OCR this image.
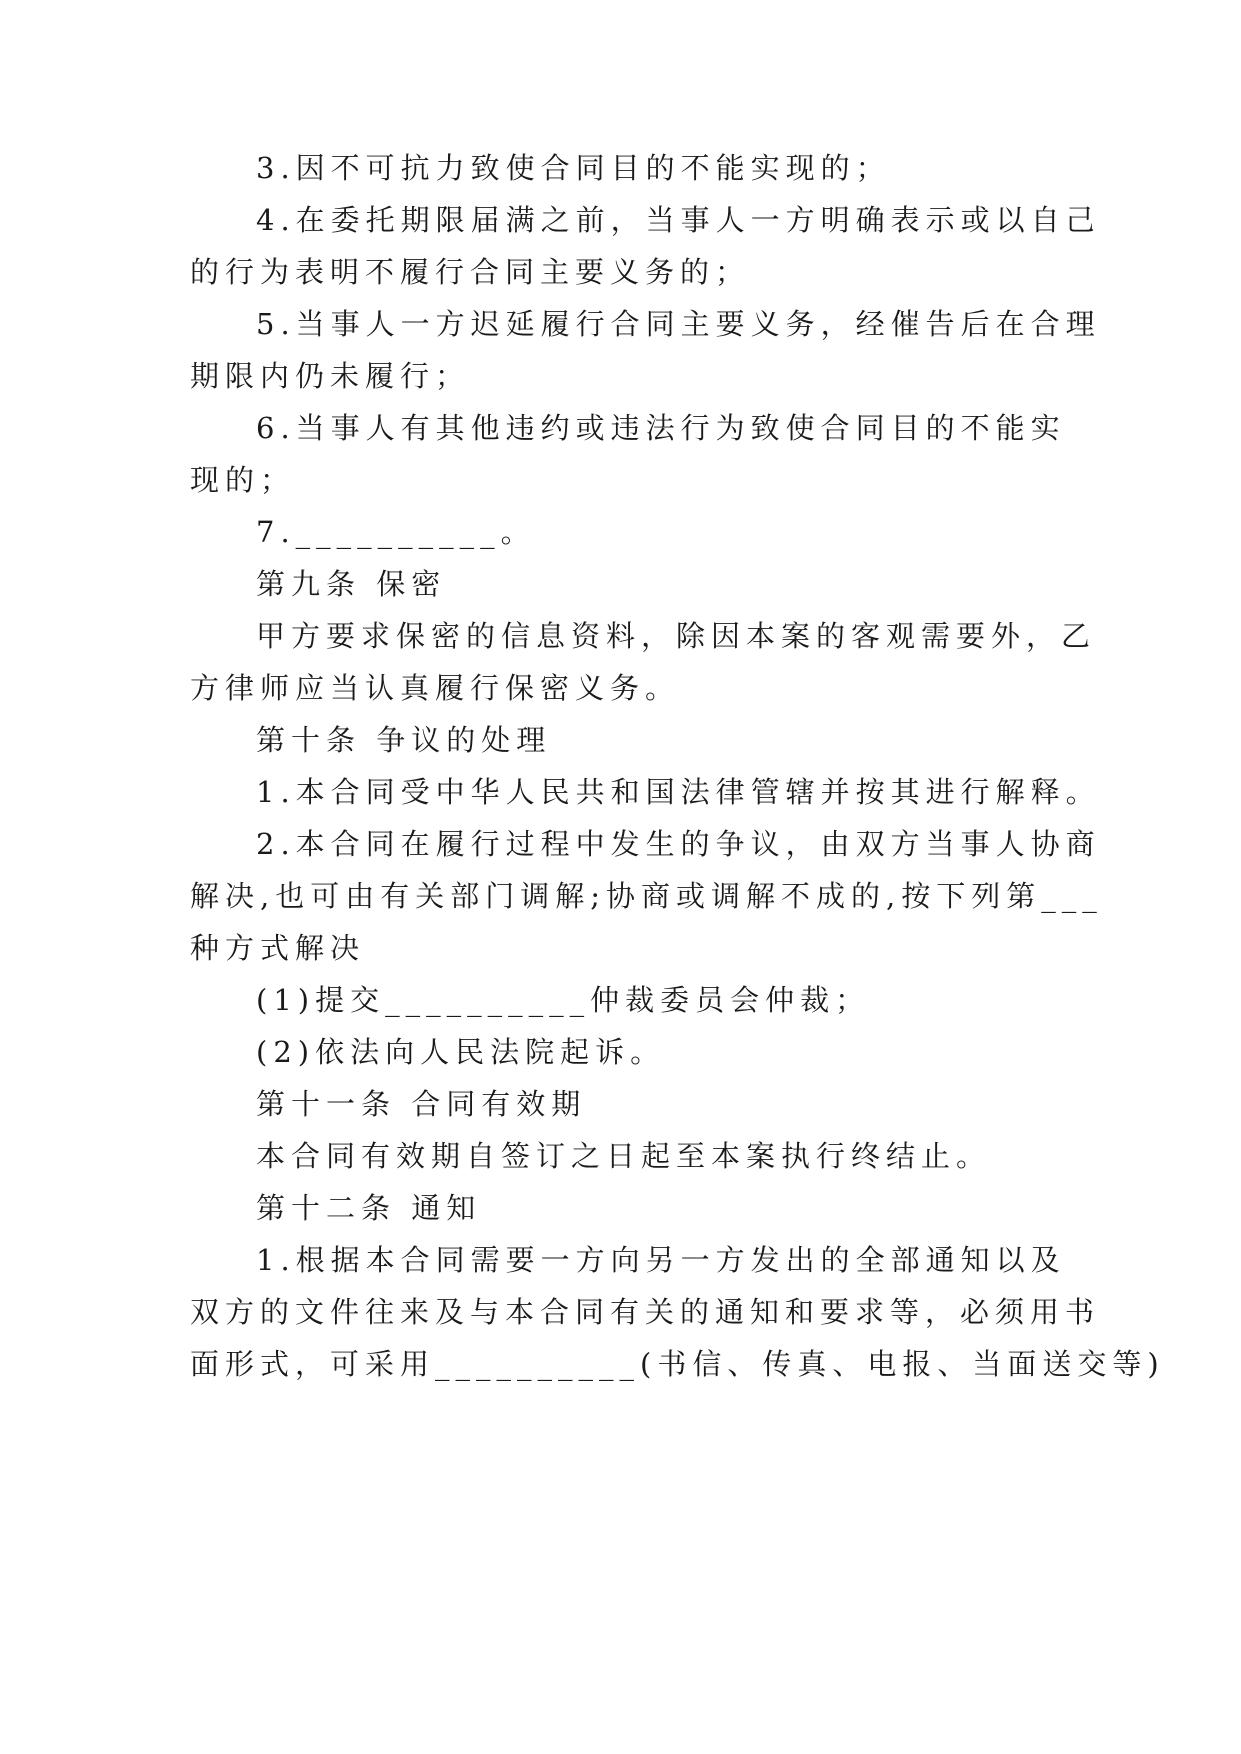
3.因不可抗力致使合同目的不能实现的；
4.在委托期限届满之前，当事人一方明确表示或以自己
的行为表明不履行合同主要义务的；
5.当事人一方迟延履行合同主要义务，经催告后在合理
期限内仍未履行；
6.当事人有其他违约或违法行为致使合同目的不能实
现的；
7.__________。
第九条 保密
甲方要求保密的信息资料，除因本案的客观需要外，乙
方律师应当认真履行保密义务。
第十条 争议的处理
1.本合同受中华人民共和国法律管辖并按其进行解释。
2.本合同在履行过程中发生的争议，由双方当事人协商
解决,也可由有关部门调解;协商或调解不成的,按下列第___
种方式解决
(1)提交__________仲裁委员会仲裁；
(2)依法向人民法院起诉。
第十一条 合同有效期
本合同有效期自签订之日起至本案执行终结止。
第十二条 通知
1.根据本合同需要一方向另一方发出的全部通知以及
双方的文件往来及与本合同有关的通知和要求等，必须用书
面形式，可采用__________(书信、传真、电报、当面送交等)
